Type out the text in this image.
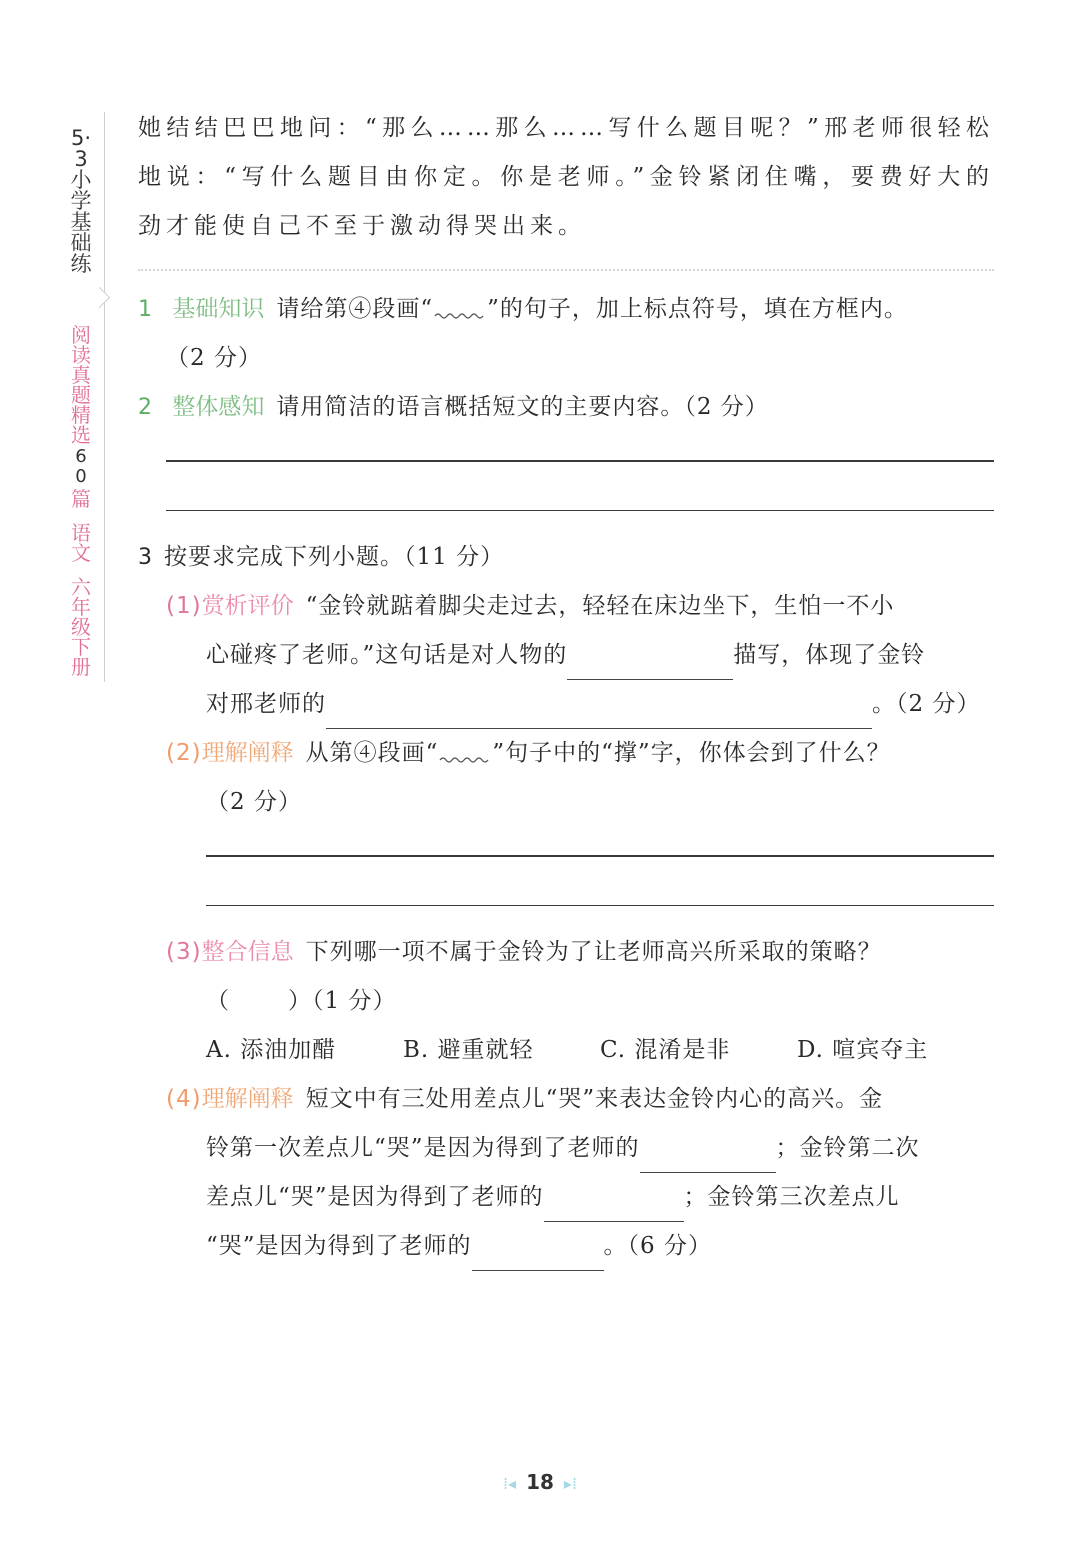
5·3小学基础练
阅读真题精选
60
篇
语文
六年级下册

她结结巴巴地问：“那么……那么……写什么题目呢？”邢老师很轻松地说：“写什么题目由你定。你是老师。”金铃紧闭住嘴，要费好大的劲才能使自己不至于激动得哭出来。

1 基础知识 请给第④段画“ ”的句子，加上标点符号，填在方框内。
（2 分）
2 整体感知 请用简洁的语言概括短文的主要内容。（2 分）
3 按要求完成下列小题。（11 分）
(1)赏析评价 “金铃就踮着脚尖走过去，轻轻在床边坐下，生怕一不小
心碰疼了老师。”这句话是对人物的	描写，体现了金铃
对邢老师的	。（2 分）
(2)理解阐释 从第④段画“ ”句子中的“撑”字，你体会到了什么？
（2 分）
(3)整合信息 下列哪一项不属于金铃为了让老师高兴所采取的策略？
（	）（1 分）
A. 添油加醋	B. 避重就轻	C. 混淆是非	D. 喧宾夺主
(4)理解阐释 短文中有三处用差点儿“哭”来表达金铃内心的高兴。金
铃第一次差点儿“哭”是因为得到了老师的	；金铃第二次
差点儿“哭”是因为得到了老师的	；金铃第三次差点儿
“哭”是因为得到了老师的	。（6 分）
⁞◂ 18 ▸⁞
